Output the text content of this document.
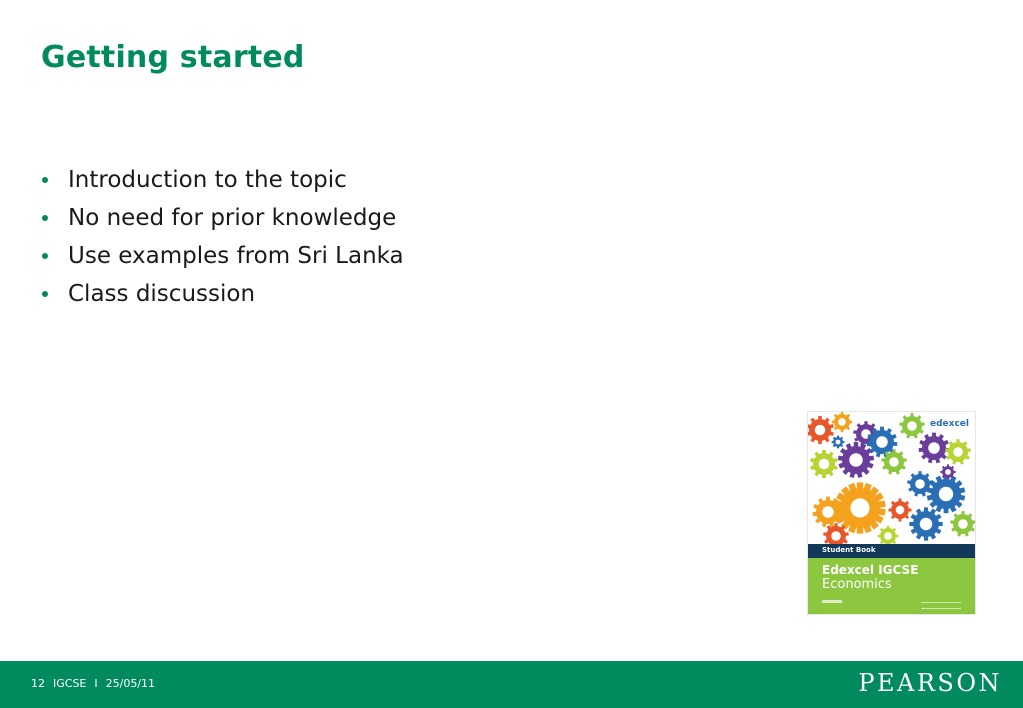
Getting started
Introduction to the topic
No need for prior knowledge
Use examples from Sri Lanka
Class discussion
edexcel
Student Book
Edexcel IGCSE
Economics
12 IGCSE I 25/05/11	PEARSON
